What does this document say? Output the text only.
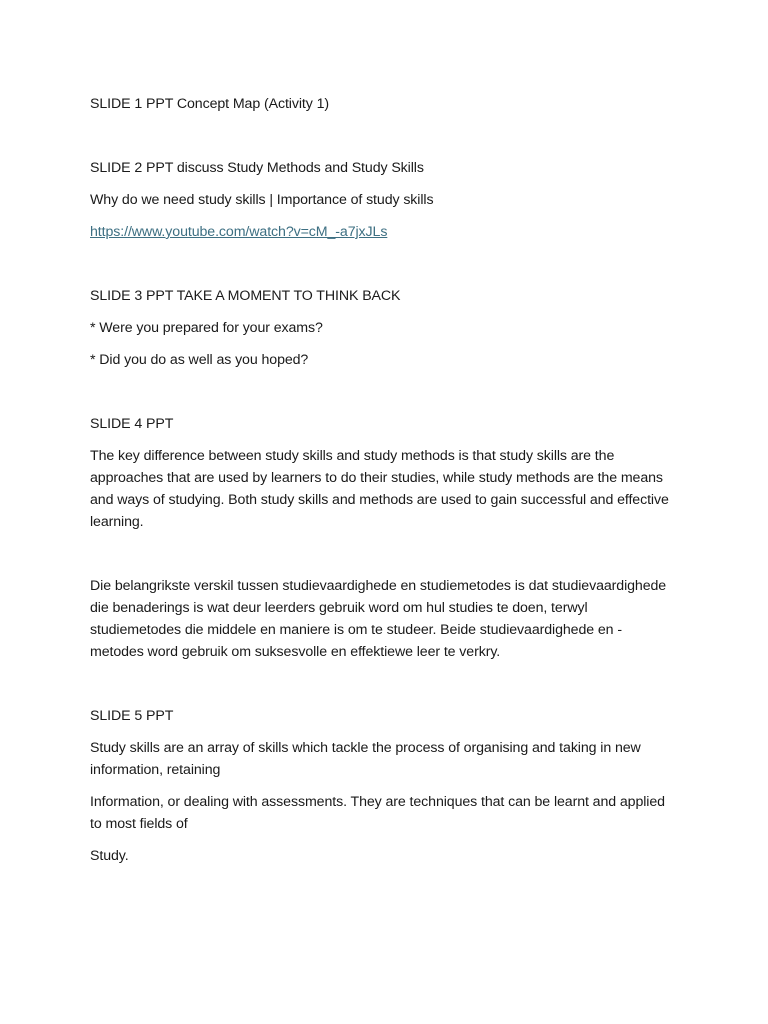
SLIDE 1 PPT Concept Map (Activity 1)

SLIDE 2 PPT discuss Study Methods and Study Skills

Why do we need study skills | Importance of study skills

https://www.youtube.com/watch?v=cM_-a7jxJLs

SLIDE 3 PPT TAKE A MOMENT TO THINK BACK

* Were you prepared for your exams?

* Did you do as well as you hoped?

SLIDE 4 PPT

The key difference between study skills and study methods is that study skills are the approaches that are used by learners to do their studies, while study methods are the means and ways of studying. Both study skills and methods are used to gain successful and effective learning.

Die belangrikste verskil tussen studievaardighede en studiemetodes is dat studievaardighede die benaderings is wat deur leerders gebruik word om hul studies te doen, terwyl studiemetodes die middele en maniere is om te studeer. Beide studievaardighede en -metodes word gebruik om suksesvolle en effektiewe leer te verkry.

SLIDE 5 PPT

Study skills are an array of skills which tackle the process of organising and taking in new information, retaining

Information, or dealing with assessments. They are techniques that can be learnt and applied to most fields of

Study.
